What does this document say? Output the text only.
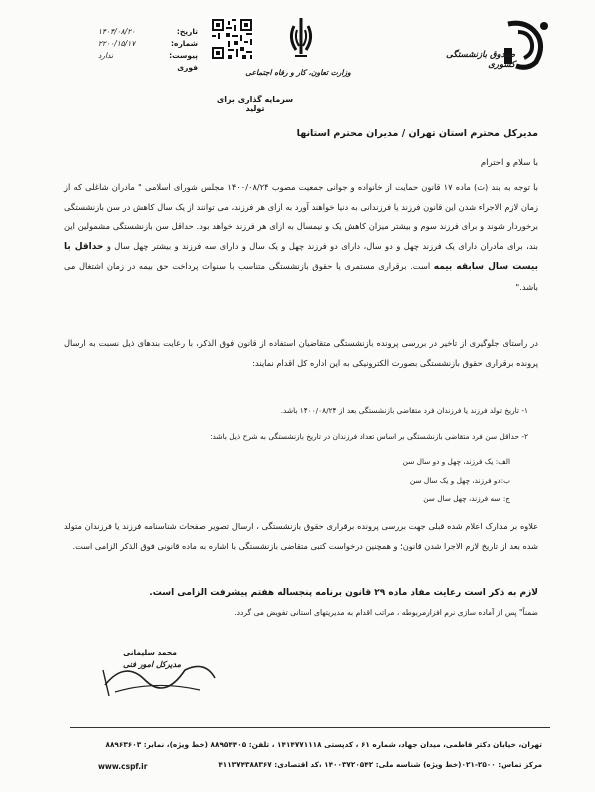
صندوق بازنشستگی کشوری
وزارت تعاون، کار و رفاه اجتماعی
تاریخ:
۱۴۰۴/۰۸/۲۰
شماره:
۲۲۰۰/۱۵/۱۷
پیوست:
ندارد
فوری
سرمایه گذاری برای تولید
مدیرکل محترم استان تهران / مدیران محترم استانها
با سلام و احترام
با توجه به بند (ت) ماده ۱۷ قانون حمایت از خانواده و جوانی جمعیت مصوب ۱۴۰۰/۰۸/۲۴ مجلس شورای اسلامی " مادران شاغلی که از زمان لازم الاجراء شدن این قانون فرزند یا فرزندانی به دنیا خواهند آورد به ازای هر فرزند، می توانند از یک سال کاهش در سن بازنشستگی برخوردار شوند و برای فرزند سوم و بیشتر میزان کاهش یک و نیمسال به ازای هر فرزند خواهد بود. حداقل سن بازنشستگی مشمولین این بند، برای مادران دارای یک فرزند چهل و دو سال، دارای دو فرزند چهل و یک سال و دارای سه فرزند و بیشتر چهل سال و حداقل با بیست سال سابقه بیمه است. برقراری مستمری یا حقوق بازنشستگی متناسب با سنوات پرداخت حق بیمه در زمان اشتغال می باشد."
در راستای جلوگیری از تاخیر در بررسی پرونده بازنشستگی متقاضیان استفاده از قانون فوق الذکر، با رعایت بندهای ذیل نسبت به ارسال پرونده برقراری حقوق بازنشستگی بصورت الکترونیکی به این اداره کل اقدام نمایند:
۱- تاریخ تولد فرزند یا فرزندان فرد متقاضی بازنشستگی بعد از ۱۴۰۰/۰۸/۲۴ باشد.
۲- حداقل سن فرد متقاضی بازنشستگی بر اساس تعداد فرزندان در تاریخ بازنشستگی به شرح ذیل باشد:
الف: یک فرزند، چهل و دو سال سن
ب:دو فرزند، چهل و یک سال سن
ج: سه فرزند، چهل سال سن
علاوه بر مدارک اعلام شده قبلی جهت بررسی پرونده برقراری حقوق بازنشستگی ، ارسال تصویر صفحات شناسنامه فرزند یا فرزندان متولد شده بعد از تاریخ لازم الاجرا شدن قانون؛ و همچنین درخواست کتبی متقاضی بازنشستگی با اشاره به ماده قانونی فوق الذکر الزامی است.
لازم به ذکر است رعایت مفاد ماده ۲۹ قانون برنامه پنجساله هفتم پیشرفت الزامی است.
ضمناً" پس از آماده سازی نرم افزارمربوطه ، مراتب اقدام به مدیریتهای استانی تفویض می گردد.
محمد سلیمانی
مدیرکل امور فنی
تهران، خیابان دکتر فاطمی، میدان جهاد، شماره ۶۱ ، کدپستی ۱۴۱۴۷۷۱۱۱۸ ، تلفن: ۸۸۹۵۴۴۰۵ (خط ویژه)، نمابر: ۸۸۹۶۳۶۰۳
مرکز تماس: ۲۵۰۰-۰۲۱(خط ویژه) شناسه ملی: ۱۴۰۰۳۷۲۰۵۴۲ ،کد اقتصادی: ۴۱۱۳۷۴۳۸۸۳۶۷
www.cspf.ir
